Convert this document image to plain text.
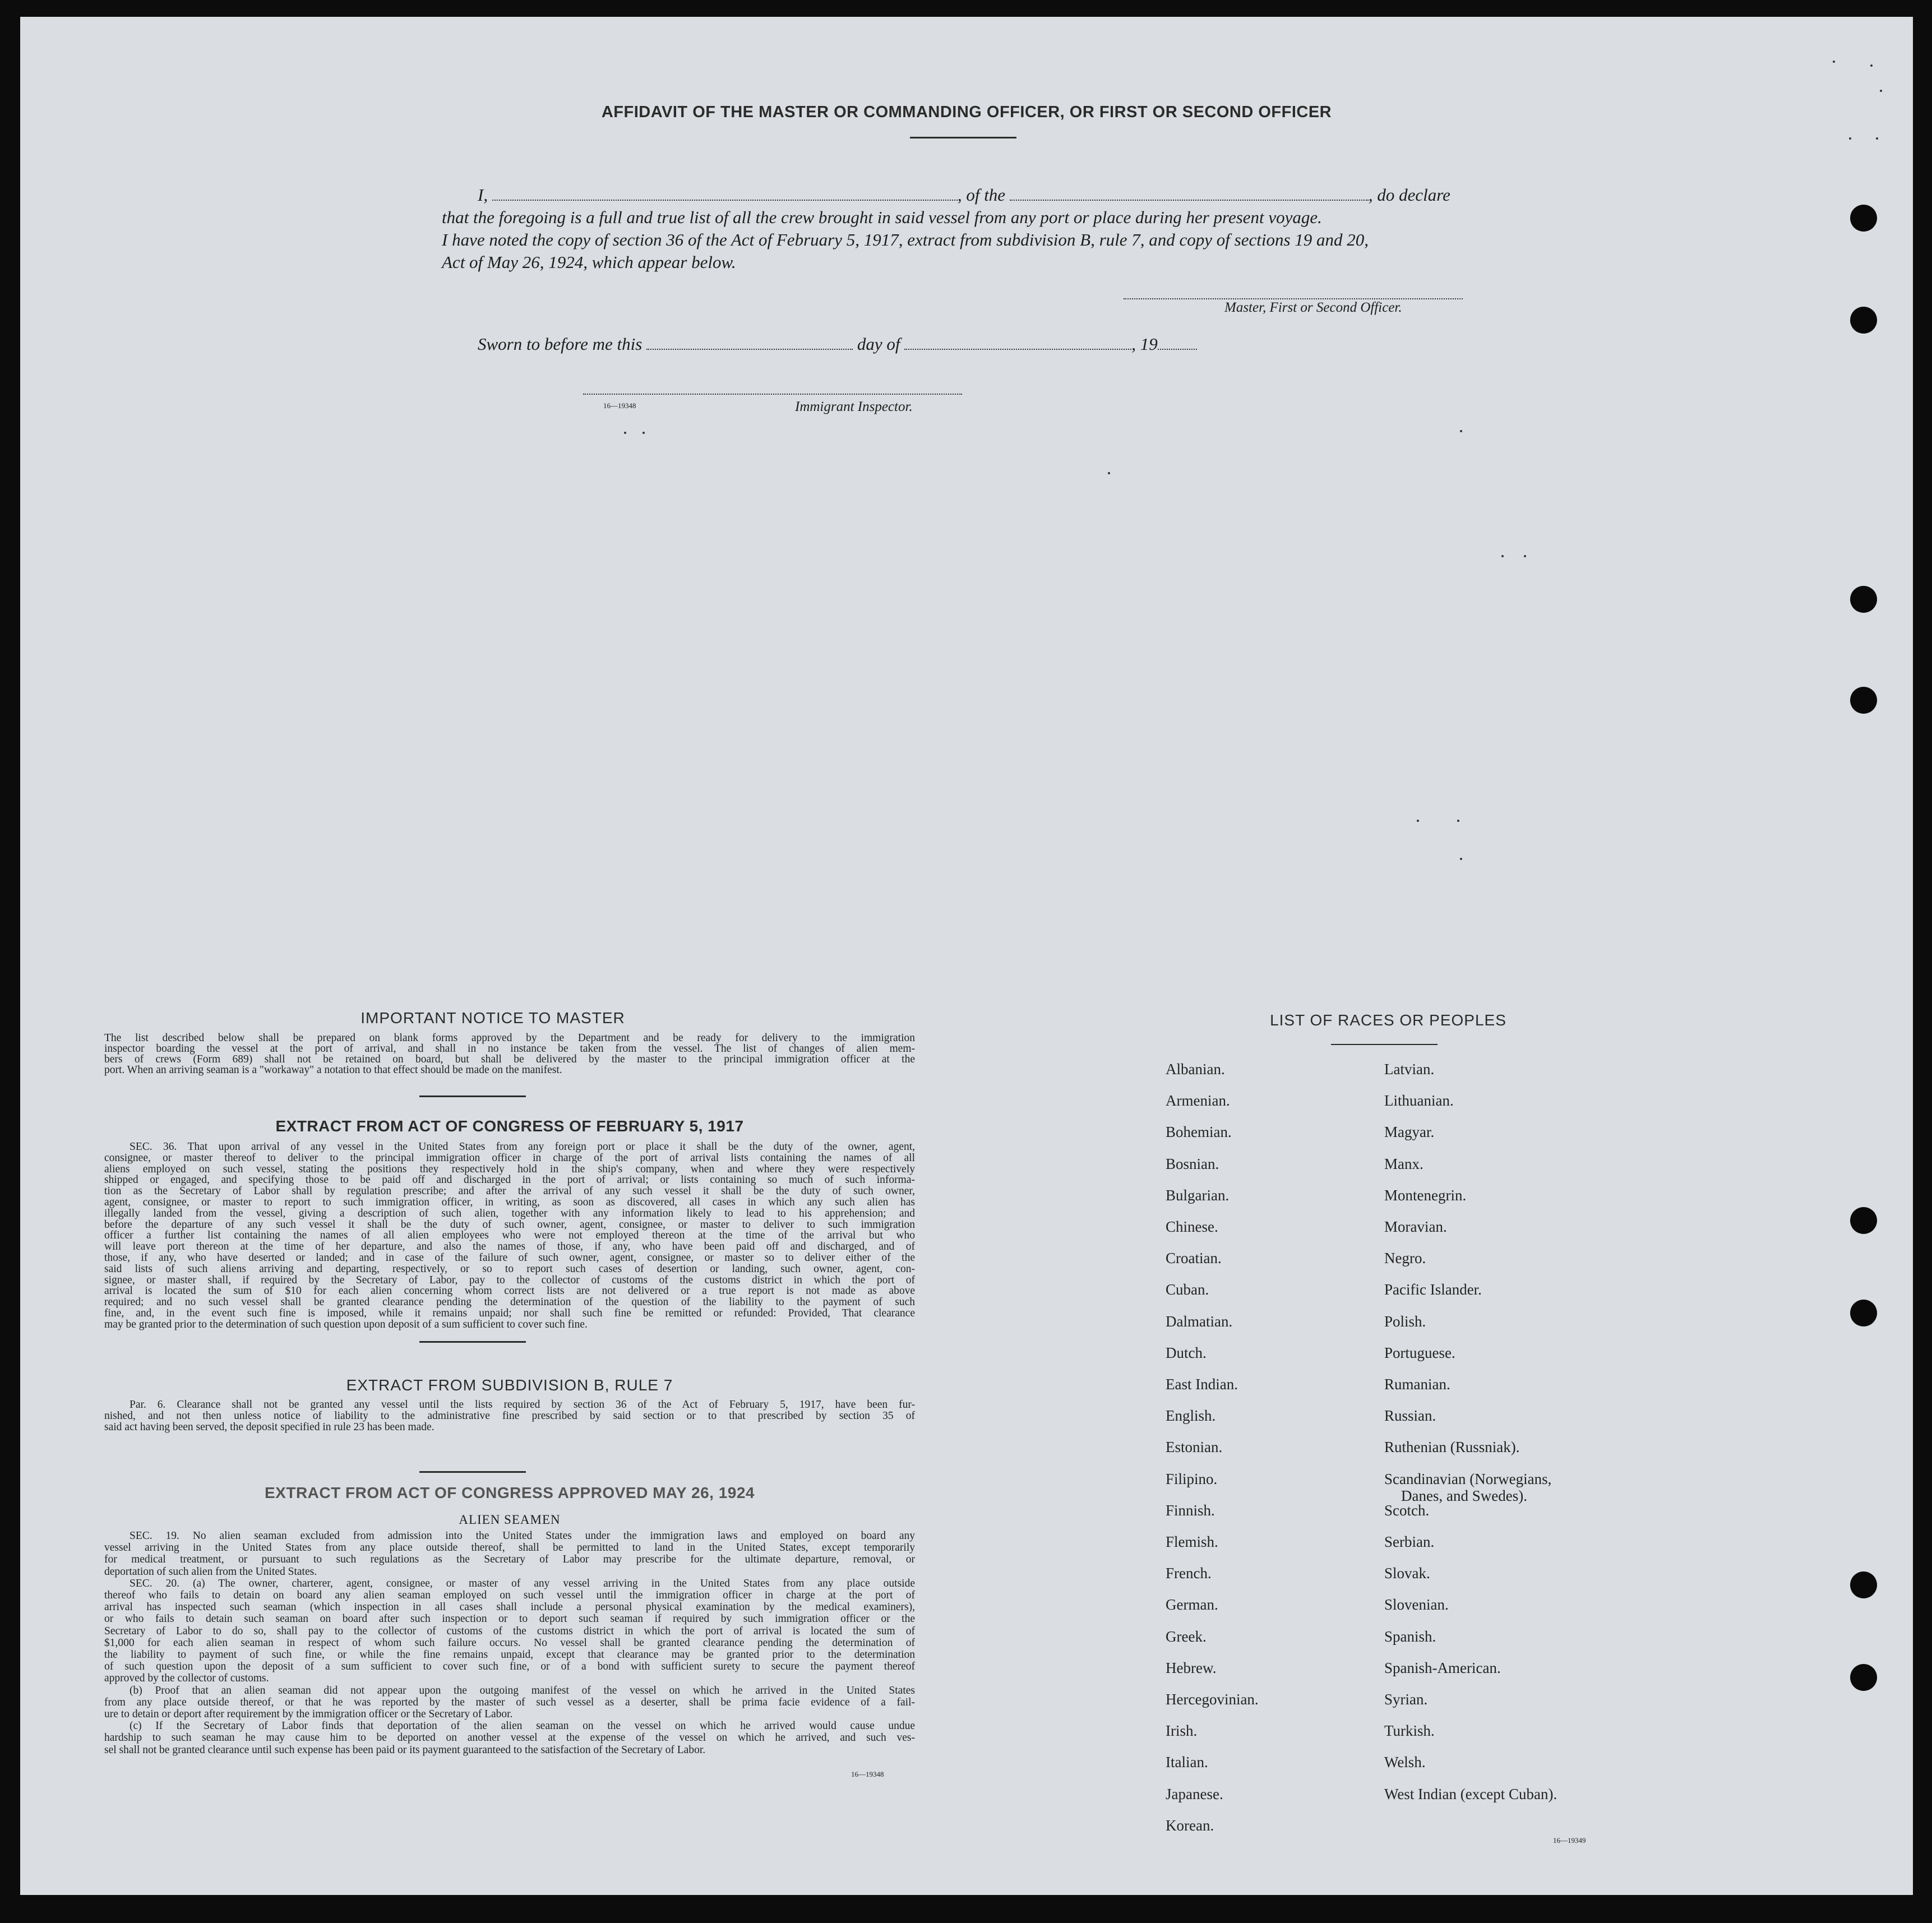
AFFIDAVIT OF THE MASTER OR COMMANDING OFFICER, OR FIRST OR SECOND OFFICER
I,	, of the	, do declare
that the foregoing is a full and true list of all the crew brought in said vessel from any port or place during her present voyage.
I have noted the copy of section 36 of the Act of February 5, 1917, extract from subdivision B, rule 7, and copy of sections 19 and 20,
Act of May 26, 1924, which appear below.
Master, First or Second Officer.
Sworn to before me this	day of	, 19
16—19348	Immigrant Inspector.
IMPORTANT NOTICE TO MASTER
The list described below shall be prepared on blank forms approved by the Department and be ready for delivery to the immigration
inspector boarding the vessel at the port of arrival, and shall in no instance be taken from the vessel. The list of changes of alien mem-
bers of crews (Form 689) shall not be retained on board, but shall be delivered by the master to the principal immigration officer at the
port. When an arriving seaman is a "workaway" a notation to that effect should be made on the manifest.
EXTRACT FROM ACT OF CONGRESS OF FEBRUARY 5, 1917
SEC. 36. That upon arrival of any vessel in the United States from any foreign port or place it shall be the duty of the owner, agent,
consignee, or master thereof to deliver to the principal immigration officer in charge of the port of arrival lists containing the names of all
aliens employed on such vessel, stating the positions they respectively hold in the ship's company, when and where they were respectively
shipped or engaged, and specifying those to be paid off and discharged in the port of arrival; or lists containing so much of such informa-
tion as the Secretary of Labor shall by regulation prescribe; and after the arrival of any such vessel it shall be the duty of such owner,
agent, consignee, or master to report to such immigration officer, in writing, as soon as discovered, all cases in which any such alien has
illegally landed from the vessel, giving a description of such alien, together with any information likely to lead to his apprehension; and
before the departure of any such vessel it shall be the duty of such owner, agent, consignee, or master to deliver to such immigration
officer a further list containing the names of all alien employees who were not employed thereon at the time of the arrival but who
will leave port thereon at the time of her departure, and also the names of those, if any, who have been paid off and discharged, and of
those, if any, who have deserted or landed; and in case of the failure of such owner, agent, consignee, or master so to deliver either of the
said lists of such aliens arriving and departing, respectively, or so to report such cases of desertion or landing, such owner, agent, con-
signee, or master shall, if required by the Secretary of Labor, pay to the collector of customs of the customs district in which the port of
arrival is located the sum of $10 for each alien concerning whom correct lists are not delivered or a true report is not made as above
required; and no such vessel shall be granted clearance pending the determination of the question of the liability to the payment of such
fine, and, in the event such fine is imposed, while it remains unpaid; nor shall such fine be remitted or refunded: Provided, That clearance
may be granted prior to the determination of such question upon deposit of a sum sufficient to cover such fine.
EXTRACT FROM SUBDIVISION B, RULE 7
Par. 6. Clearance shall not be granted any vessel until the lists required by section 36 of the Act of February 5, 1917, have been fur-
nished, and not then unless notice of liability to the administrative fine prescribed by said section or to that prescribed by section 35 of
said act having been served, the deposit specified in rule 23 has been made.
EXTRACT FROM ACT OF CONGRESS APPROVED MAY 26, 1924
ALIEN SEAMEN
SEC. 19. No alien seaman excluded from admission into the United States under the immigration laws and employed on board any
vessel arriving in the United States from any place outside thereof, shall be permitted to land in the United States, except temporarily
for medical treatment, or pursuant to such regulations as the Secretary of Labor may prescribe for the ultimate departure, removal, or
deportation of such alien from the United States.
SEC. 20. (a) The owner, charterer, agent, consignee, or master of any vessel arriving in the United States from any place outside
thereof who fails to detain on board any alien seaman employed on such vessel until the immigration officer in charge at the port of
arrival has inspected such seaman (which inspection in all cases shall include a personal physical examination by the medical examiners),
or who fails to detain such seaman on board after such inspection or to deport such seaman if required by such immigration officer or the
Secretary of Labor to do so, shall pay to the collector of customs of the customs district in which the port of arrival is located the sum of
$1,000 for each alien seaman in respect of whom such failure occurs. No vessel shall be granted clearance pending the determination of
the liability to payment of such fine, or while the fine remains unpaid, except that clearance may be granted prior to the determination
of such question upon the deposit of a sum sufficient to cover such fine, or of a bond with sufficient surety to secure the payment thereof
approved by the collector of customs.
(b) Proof that an alien seaman did not appear upon the outgoing manifest of the vessel on which he arrived in the United States
from any place outside thereof, or that he was reported by the master of such vessel as a deserter, shall be prima facie evidence of a fail-
ure to detain or deport after requirement by the immigration officer or the Secretary of Labor.
(c) If the Secretary of Labor finds that deportation of the alien seaman on the vessel on which he arrived would cause undue
hardship to such seaman he may cause him to be deported on another vessel at the expense of the vessel on which he arrived, and such ves-
sel shall not be granted clearance until such expense has been paid or its payment guaranteed to the satisfaction of the Secretary of Labor.
16—19348
LIST OF RACES OR PEOPLES
Albanian.
Armenian.
Bohemian.
Bosnian.
Bulgarian.
Chinese.
Croatian.
Cuban.
Dalmatian.
Dutch.
East Indian.
English.
Estonian.
Filipino.
Finnish.
Flemish.
French.
German.
Greek.
Hebrew.
Hercegovinian.
Irish.
Italian.
Japanese.
Korean.
Latvian.
Lithuanian.
Magyar.
Manx.
Montenegrin.
Moravian.
Negro.
Pacific Islander.
Polish.
Portuguese.
Rumanian.
Russian.
Ruthenian (Russniak).
Scandinavian (Norwegians,
Danes, and Swedes).
Scotch.
Serbian.
Slovak.
Slovenian.
Spanish.
Spanish-American.
Syrian.
Turkish.
Welsh.
West Indian (except Cuban).
16—19349
